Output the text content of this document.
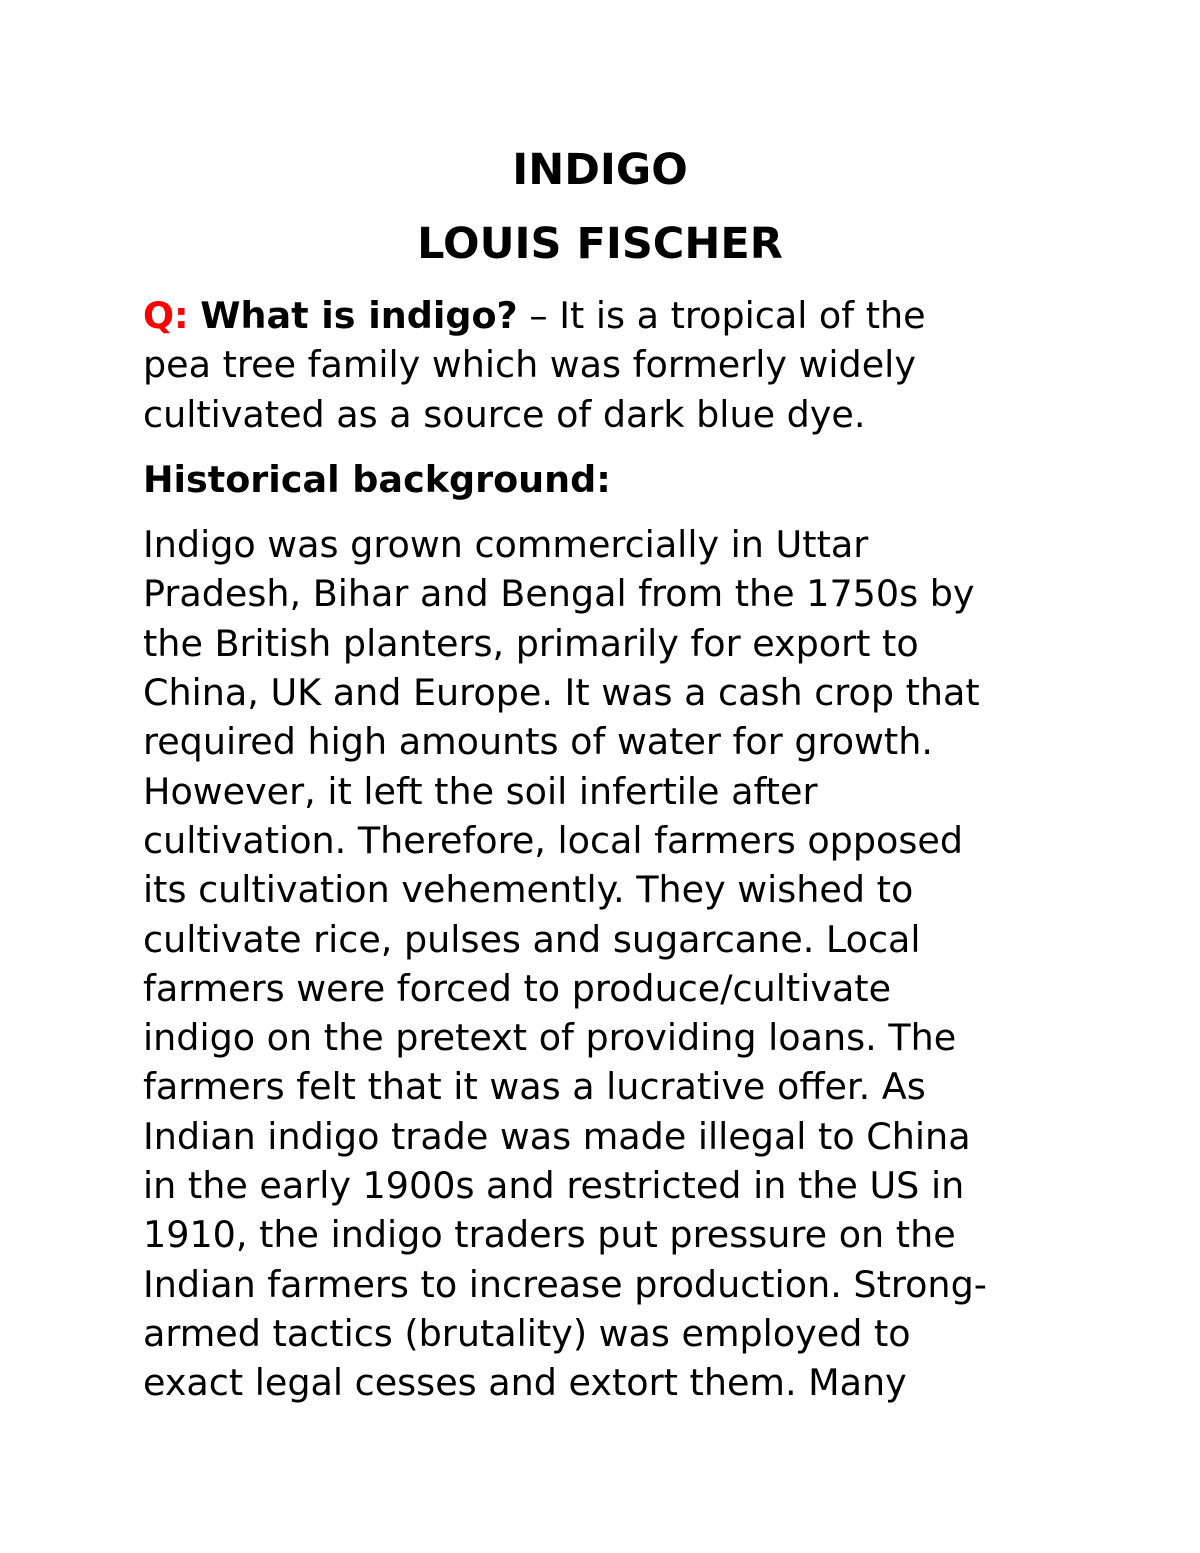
INDIGO
LOUIS FISCHER

Q: What is indigo? – It is a tropical of the
pea tree family which was formerly widely
cultivated as a source of dark blue dye.

Historical background:

Indigo was grown commercially in Uttar
Pradesh, Bihar and Bengal from the 1750s by
the British planters, primarily for export to
China, UK and Europe. It was a cash crop that
required high amounts of water for growth.
However, it left the soil infertile after
cultivation. Therefore, local farmers opposed
its cultivation vehemently. They wished to
cultivate rice, pulses and sugarcane. Local
farmers were forced to produce/cultivate
indigo on the pretext of providing loans. The
farmers felt that it was a lucrative offer. As
Indian indigo trade was made illegal to China
in the early 1900s and restricted in the US in
1910, the indigo traders put pressure on the
Indian farmers to increase production. Strong-
armed tactics (brutality) was employed to
exact legal cesses and extort them. Many
